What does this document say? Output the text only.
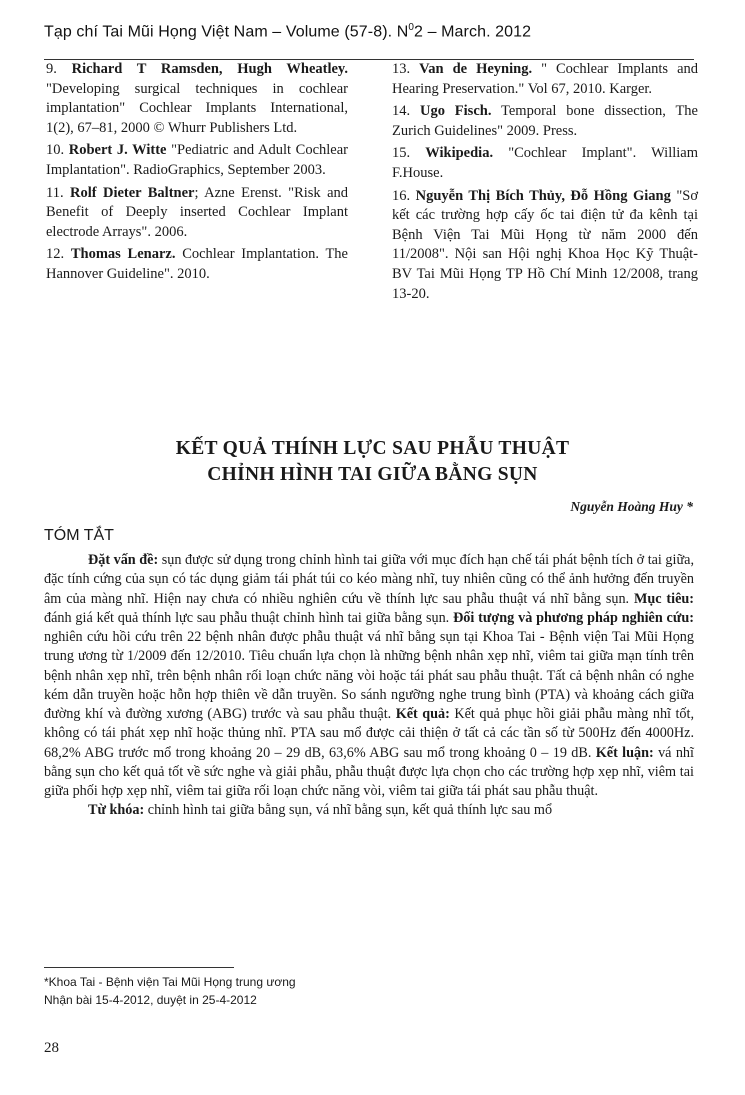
Tạp chí Tai Mũi Họng Việt Nam – Volume (57-8). $N^02$ – March. 2012

9. Richard T Ramsden, Hugh Wheatley. "Developing surgical techniques in cochlear implantation" Cochlear Implants International, 1(2), 67–81, 2000 © Whurr Publishers Ltd.

10. Robert J. Witte "Pediatric and Adult Cochlear Implantation". RadioGraphics, September 2003.

11. Rolf Dieter Baltner; Azne Erenst. "Risk and Benefit of Deeply inserted Cochlear Implant electrode Arrays". 2006.

12. Thomas Lenarz. Cochlear Implantation. The Hannover Guideline". 2010.

13. Van de Heyning. " Cochlear Implants and Hearing Preservation." Vol 67, 2010. Karger.

14. Ugo Fisch. Temporal bone dissection, The Zurich Guidelines" 2009. Press.

15. Wikipedia. "Cochlear Implant". William F.House.

16. Nguyễn Thị Bích Thủy, Đỗ Hồng Giang "Sơ kết các trường hợp cấy ốc tai điện tử đa kênh tại Bệnh Viện Tai Mũi Họng từ năm 2000 đến 11/2008". Nội san Hội nghị Khoa Học Kỹ Thuật- BV Tai Mũi Họng TP Hồ Chí Minh 12/2008, trang 13-20.

KẾT QUẢ THÍNH LỰC SAU PHẪU THUẬT
CHỈNH HÌNH TAI GIỮA BẰNG SỤN
Nguyễn Hoàng Huy *
TÓM TẮT

Đặt vấn đề: sụn được sử dụng trong chỉnh hình tai giữa với mục đích hạn chế tái phát bệnh tích ở tai giữa, đặc tính cứng của sụn có tác dụng giảm tái phát túi co kéo màng nhĩ, tuy nhiên cũng có thể ảnh hưởng đến truyền âm của màng nhĩ. Hiện nay chưa có nhiều nghiên cứu về thính lực sau phẫu thuật vá nhĩ bằng sụn. Mục tiêu: đánh giá kết quả thính lực sau phẫu thuật chỉnh hình tai giữa bằng sụn. Đối tượng và phương pháp nghiên cứu: nghiên cứu hồi cứu trên 22 bệnh nhân được phẫu thuật vá nhĩ bằng sụn tại Khoa Tai - Bệnh viện Tai Mũi Họng trung ương từ 1/2009 đến 12/2010. Tiêu chuẩn lựa chọn là những bệnh nhân xẹp nhĩ, viêm tai giữa mạn tính trên bệnh nhân xẹp nhĩ, trên bệnh nhân rối loạn chức năng vòi hoặc tái phát sau phẫu thuật. Tất cả bệnh nhân có nghe kém dẫn truyền hoặc hỗn hợp thiên về dẫn truyền. So sánh ngưỡng nghe trung bình (PTA) và khoảng cách giữa đường khí và đường xương (ABG) trước và sau phẫu thuật. Kết quả: Kết quả phục hồi giải phẫu màng nhĩ tốt, không có tái phát xẹp nhĩ hoặc thủng nhĩ. PTA sau mổ được cải thiện ở tất cả các tần số từ 500Hz đến 4000Hz. 68,2% ABG trước mổ trong khoảng 20 – 29 dB, 63,6% ABG sau mổ trong khoảng 0 – 19 dB. Kết luận: vá nhĩ bằng sụn cho kết quả tốt về sức nghe và giải phẫu, phẫu thuật được lựa chọn cho các trường hợp xẹp nhĩ, viêm tai giữa phối hợp xẹp nhĩ, viêm tai giữa rối loạn chức năng vòi, viêm tai giữa tái phát sau phẫu thuật.

Từ khóa: chỉnh hình tai giữa bằng sụn, vá nhĩ bằng sụn, kết quả thính lực sau mổ

*Khoa Tai - Bệnh viện Tai Mũi Họng trung ương
Nhận bài 15-4-2012, duyệt in 25-4-2012
28
